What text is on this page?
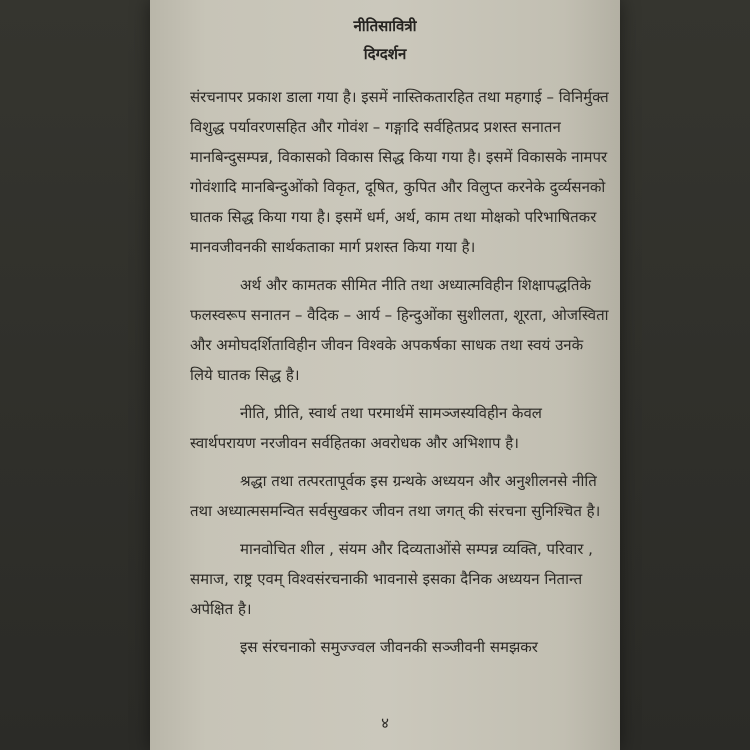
नीतिसावित्री
दिग्दर्शन

संरचनापर प्रकाश डाला गया है। इसमें नास्तिकतारहित तथा महगाई – विनिर्मुक्त विशुद्ध पर्यावरणसहित और गोवंश – गङ्गादि सर्वहितप्रद प्रशस्त सनातन मानबिन्दुसम्पन्न, विकासको विकास सिद्ध किया गया है। इसमें विकासके नामपर गोवंशादि मानबिन्दुओंको विकृत, दूषित, कुपित और विलुप्त करनेके दुर्व्यसनको घातक सिद्ध किया गया है। इसमें धर्म, अर्थ, काम तथा मोक्षको परिभाषितकर मानवजीवनकी सार्थकताका मार्ग प्रशस्त किया गया है।

अर्थ और कामतक सीमित नीति तथा अध्यात्मविहीन शिक्षापद्धतिके फलस्वरूप सनातन – वैदिक – आर्य – हिन्दुओंका सुशीलता, शूरता, ओजस्विता और अमोघदर्शिताविहीन जीवन विश्वके अपकर्षका साधक तथा स्वयं उनके लिये घातक सिद्ध है।

नीति, प्रीति, स्वार्थ तथा परमार्थमें सामञ्जस्यविहीन केवल स्वार्थपरायण नरजीवन सर्वहितका अवरोधक और अभिशाप है।

श्रद्धा तथा तत्परतापूर्वक इस ग्रन्थके अध्ययन और अनुशीलनसे नीति तथा अध्यात्मसमन्वित सर्वसुखकर जीवन तथा जगत् की संरचना सुनिश्चित है।

मानवोचित शील , संयम और दिव्यताओंसे सम्पन्न व्यक्ति, परिवार , समाज, राष्ट्र एवम् विश्वसंरचनाकी भावनासे इसका दैनिक अध्ययन नितान्त अपेक्षित है।

इस संरचनाको समुज्ज्वल जीवनकी सञ्जीवनी समझकर

४
